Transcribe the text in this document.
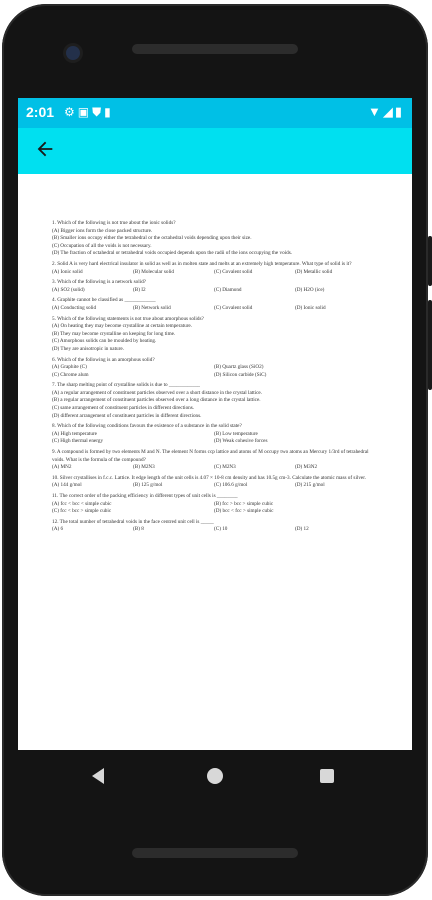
2:01 ⚙▣⛊▮	▼◢▮
1. Which of the following is not true about the ionic solids?
(A) Bigger ions form the close packed structure.
(B) Smaller ions occupy either the tetrahedral or the octahedral voids depending upon their size.
(C) Occupation of all the voids is not necessary.
(D) The fraction of octahedral or tetrahedral voids occupied depends upon the radii of the ions occupying the voids.
2. Solid A is very hard electrical insulator in solid as well as in molten state and melts at an extremely high temperature. What type of solid is it?
(A) Ionic solid	(B) Molecular solid	(C) Covalent solid	(D) Metallic solid
3. Which of the following is a network solid?
(A) SO2 (solid)	(B) I2	(C) Diamond	(D) H2O (ice)
4. Graphite cannot be classified as ____________
(A) Conducting solid	(B) Network solid	(C) Covalent solid	(D) Ionic solid
5. Which of the following statements is not true about amorphous solids?
(A) On heating they may become crystalline at certain temperature.
(B) They may become crystalline on keeping for long time.
(C) Amorphous solids can be moulded by heating.
(D) They are anisotropic in nature.
6. Which of the following is an amorphous solid?
(A) Graphite (C)	(B) Quartz glass (SiO2)
(C) Chrome alum	(D) Silicon carbide (SiC)
7. The sharp melting point of crystalline solids is due to ____________
(A) a regular arrangement of constituent particles observed over a short distance in the crystal lattice.
(B) a regular arrangement of constituent particles observed over a long distance in the crystal lattice.
(C) same arrangement of constituent particles in different directions.
(D) different arrangement of constituent particles in different directions.
8. Which of the following conditions favours the existence of a substance in the solid state?
(A) High temperature	(B) Low temperature
(C) High thermal energy	(D) Weak cohesive forces
9. A compound is formed by two elements M and N. The element N forms ccp lattice and atoms of M occupy two atoms an Mercury 1/3rd of tetrahedral voids. What is the formula of the compound?
(A) MN2	(B) M2N3	(C) M2N3	(D) M3N2
10. Silver crystallises in f.c.c. Lattice. It edge length of the unit cells is 4.07 × 10-8 cm density and has 10.5g cm-3. Calculate the atomic mass of silver.
(A) 144 g/mol	(B) 125 g/mol	(C) 106.6 g/mol	(D) 215 g/mol
11. The correct order of the packing efficiency in different types of unit cells is ________
(A) fcc < bcc < simple cubic	(B) fcc > bcc > simple cubic
(C) fcc < bcc > simple cubic	(D) bcc < fcc > simple cubic
12. The total number of tetrahedral voids in the face centred unit cell is _____
(A) 6	(B) 8	(C) 10	(D) 12
